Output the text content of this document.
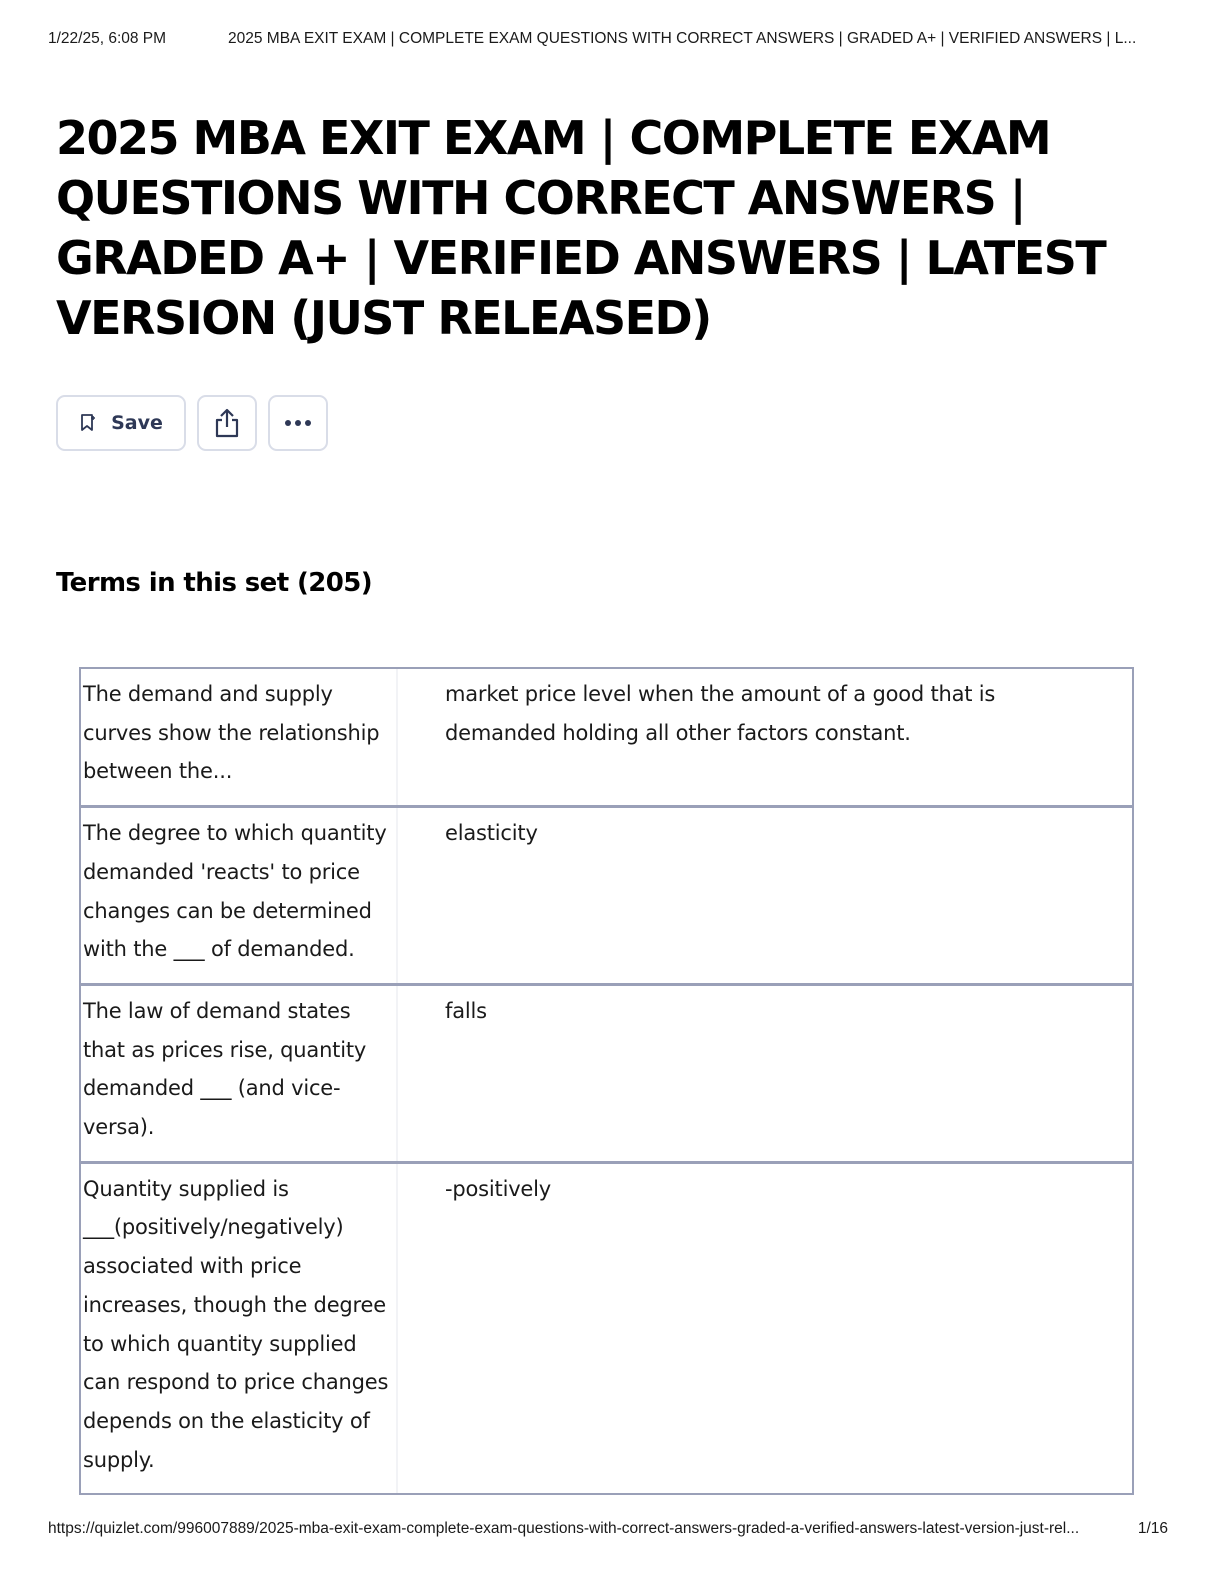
1/22/25, 6:08 PM	2025 MBA EXIT EXAM | COMPLETE EXAM QUESTIONS WITH CORRECT ANSWERS | GRADED A+ | VERIFIED ANSWERS | L...
2025 MBA EXIT EXAM | COMPLETE EXAM QUESTIONS WITH CORRECT ANSWERS | GRADED A+ | VERIFIED ANSWERS | LATEST VERSION (JUST RELEASED)
Save
Terms in this set (205)
The demand and supply curves show the relationship between the...
market price level when the amount of a good that is demanded holding all other factors constant.
The degree to which quantity demanded 'reacts' to price changes can be determined with the ___ of demanded.
elasticity
The law of demand states that as prices rise, quantity demanded ___ (and vice-versa).
falls
Quantity supplied is ___(positively/negatively) associated with price increases, though the degree to which quantity supplied can respond to price changes depends on the elasticity of supply.
-positively
https://quizlet.com/996007889/2025-mba-exit-exam-complete-exam-questions-with-correct-answers-graded-a-verified-answers-latest-version-just-rel...	1/16
